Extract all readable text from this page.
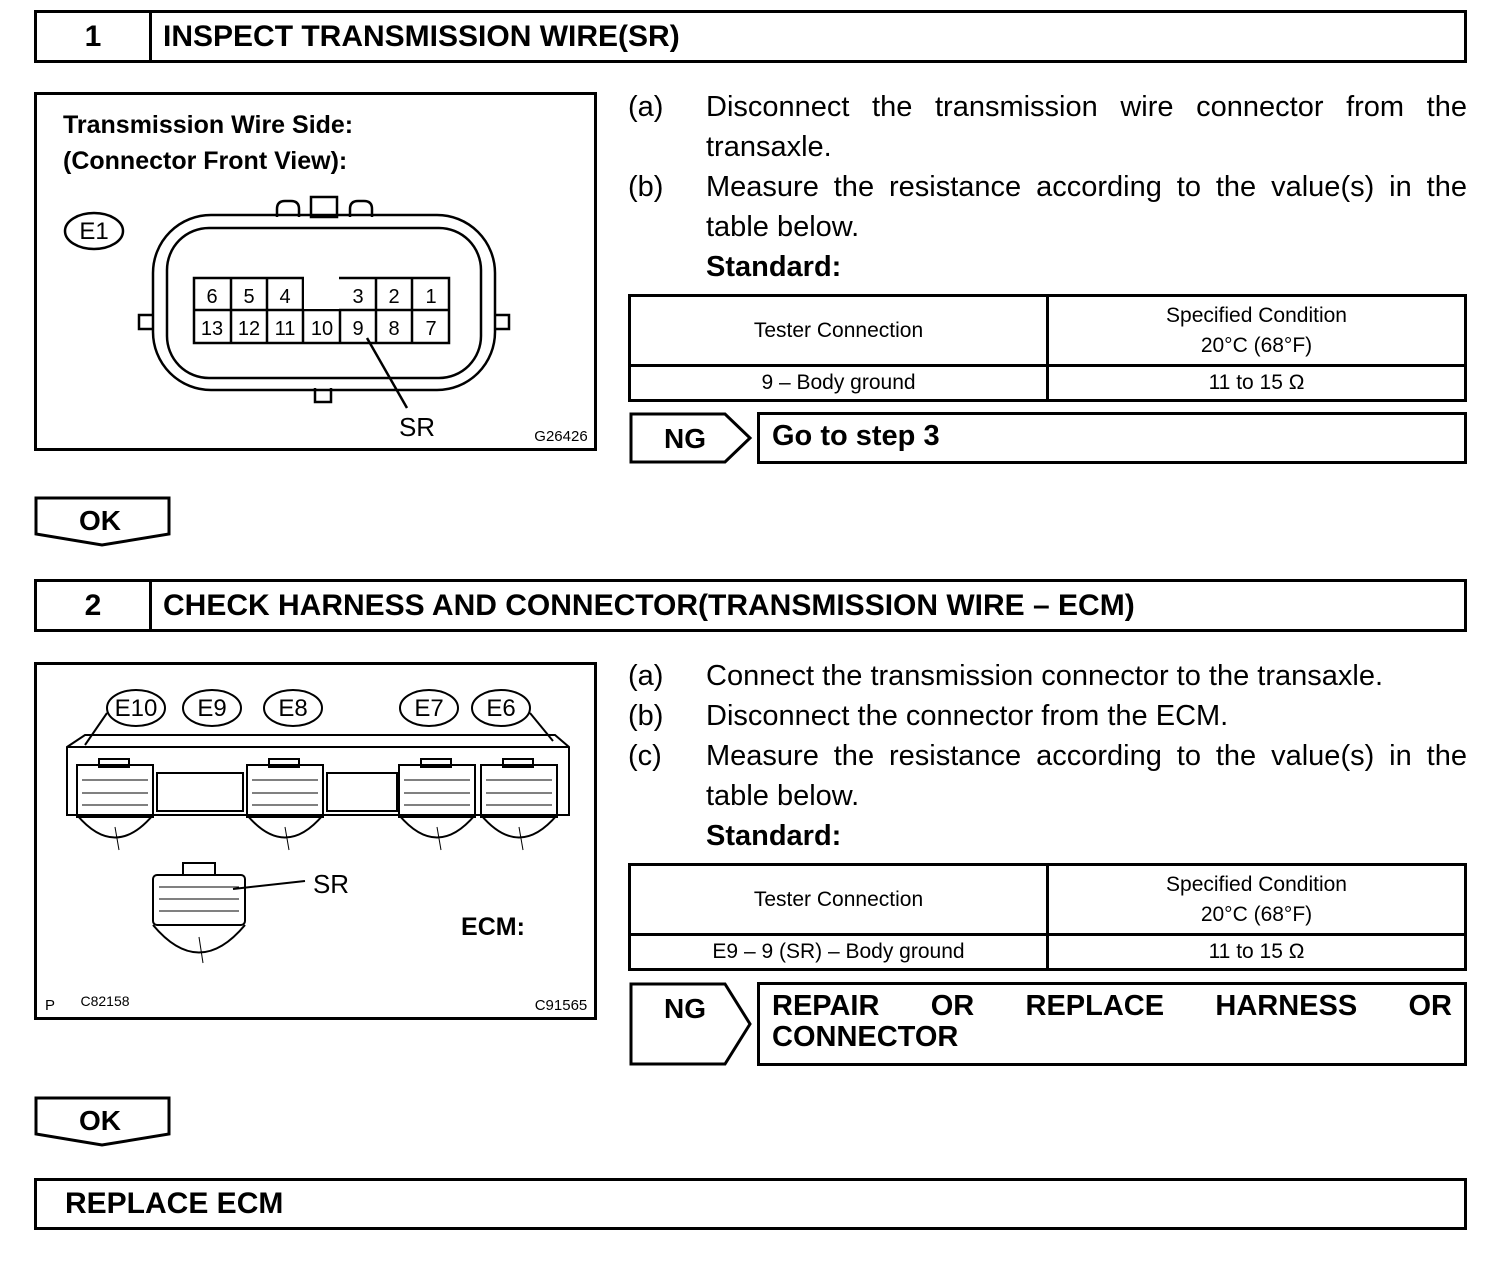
1	INSPECT TRANSMISSION WIRE(SR)
Transmission Wire Side:
(Connector Front View):
E1
6 5 4	3 2 1
13 12 11 10 9 8 7
SR	G26426
(a)	Disconnect the transmission wire connector from the transaxle.
(b)	Measure the resistance according to the value(s) in the table below.
Standard:
Tester Connection	Specified Condition
20°C (68°F)

9 – Body ground	11 to 15 Ω
NG	Go to step 3
OK
2	CHECK HARNESS AND CONNECTOR(TRANSMISSION WIRE – ECM)
E10 E9 E8	E7 E6
SR
ECM:
P C82158	C91565
(a)	Connect the transmission connector to the transaxle.
(b)	Disconnect the connector from the ECM.
(c)	Measure the resistance according to the value(s) in the table below.
Standard:
Tester Connection	Specified Condition
20°C (68°F)

E9 – 9 (SR) – Body ground	11 to 15 Ω
NG	REPAIR OR REPLACE HARNESS OR CONNECTOR
OK
REPLACE ECM
